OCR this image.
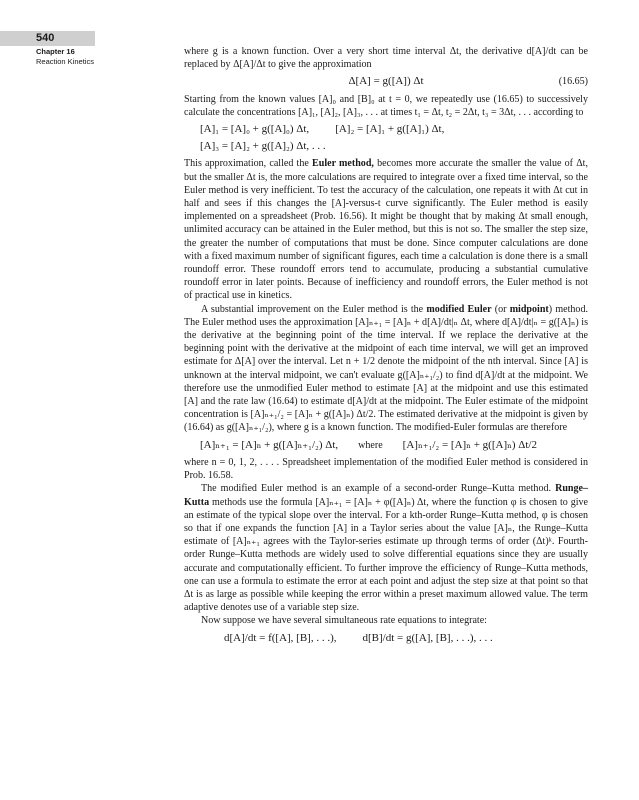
540
Chapter 16
Reaction Kinetics

where g is a known function. Over a very short time interval Δt, the derivative d[A]/dt can be replaced by Δ[A]/Δt to give the approximation

Δ[A] = g([A]) Δt	(16.65)

Starting from the known values [A]₀ and [B]₀ at t = 0, we repeatedly use (16.65) to successively calculate the concentrations [A]₁, [A]₂, [A]₃, . . . at times t₁ = Δt, t₂ = 2Δt, t₃ = 3Δt, . . . according to

[A]₁ = [A]₀ + g([A]₀) Δt, [A]₂ = [A]₁ + g([A]₁) Δt,
[A]₃ = [A]₂ + g([A]₂) Δt, . . .

This approximation, called the Euler method, becomes more accurate the smaller the value of Δt, but the smaller Δt is, the more calculations are required to integrate over a fixed time interval, so the Euler method is very inefficient. To test the accuracy of the calculation, one repeats it with Δt cut in half and sees if this changes the [A]-versus-t curve significantly. The Euler method is easily implemented on a spreadsheet (Prob. 16.56). It might be thought that by making Δt small enough, unlimited accuracy can be attained in the Euler method, but this is not so. The smaller the step size, the greater the number of computations that must be done. Since computer calculations are done with a fixed maximum number of significant figures, each time a calculation is done there is a small roundoff error. These roundoff errors tend to accumulate, producing a substantial cumulative roundoff error in later points. Because of inefficiency and roundoff errors, the Euler method is not of practical use in kinetics.

A substantial improvement on the Euler method is the modified Euler (or midpoint) method. The Euler method uses the approximation [A]ₙ₊₁ = [A]ₙ + d[A]/dt|ₙ Δt, where d[A]/dt|ₙ = g([A]ₙ) is the derivative at the beginning point of the time interval. If we replace the derivative at the beginning point with the derivative at the midpoint of each time interval, we will get an improved estimate for Δ[A] over the interval. Let n + 1/2 denote the midpoint of the nth interval. Since [A] is unknown at the interval midpoint, we can't evaluate g([A]ₙ₊₁/₂) to find d[A]/dt at the midpoint. We therefore use the unmodified Euler method to estimate [A] at the midpoint and use this estimated [A] and the rate law (16.64) to estimate d[A]/dt at the midpoint. The Euler estimate of the midpoint concentration is [A]ₙ₊₁/₂ = [A]ₙ + g([A]ₙ) Δt/2. The estimated derivative at the midpoint is given by (16.64) as g([A]ₙ₊₁/₂), where g is a known function. The modified-Euler formulas are therefore

[A]ₙ₊₁ = [A]ₙ + g([A]ₙ₊₁/₂) Δt, where [A]ₙ₊₁/₂ = [A]ₙ + g([A]ₙ) Δt/2

where n = 0, 1, 2, . . . . Spreadsheet implementation of the modified Euler method is considered in Prob. 16.58.

The modified Euler method is an example of a second-order Runge–Kutta method. Runge–Kutta methods use the formula [A]ₙ₊₁ = [A]ₙ + φ([A]ₙ) Δt, where the function φ is chosen to give an estimate of the typical slope over the interval. For a kth-order Runge–Kutta method, φ is chosen so that if one expands the function [A] in a Taylor series about the value [A]ₙ, the Runge–Kutta estimate of [A]ₙ₊₁ agrees with the Taylor-series estimate up through terms of order (Δt)ᵏ. Fourth-order Runge–Kutta methods are widely used to solve differential equations since they are usually accurate and computationally efficient. To further improve the efficiency of Runge–Kutta methods, one can use a formula to estimate the error at each point and adjust the step size at that point so that Δt is as large as possible while keeping the error within a preset maximum allowed value. The term adaptive denotes use of a variable step size.

Now suppose we have several simultaneous rate equations to integrate:

d[A]/dt = f([A], [B], . . .), d[B]/dt = g([A], [B], . . .), . . .
